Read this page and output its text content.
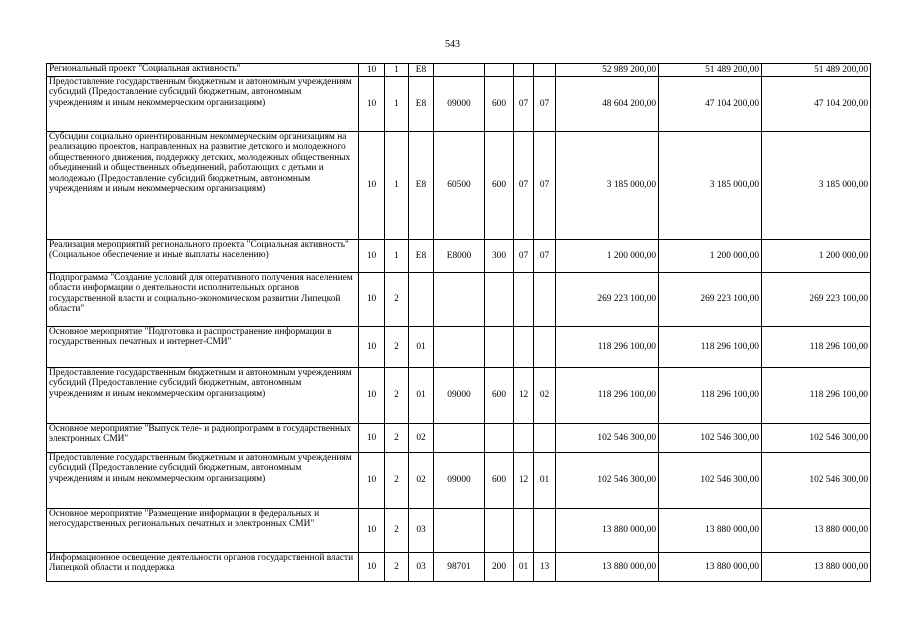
543
Региональный проект "Социальная активность"	10	1	E8					52 989 200,00	51 489 200,00	51 489 200,00
Предоставление государственным бюджетным и автономным учреждениям субсидий (Предоставление субсидий бюджетным, автономным учреждениям и иным некоммерческим организациям)	10	1	E8	09000	600	07	07	48 604 200,00	47 104 200,00	47 104 200,00
Субсидии социально ориентированным некоммерческим организациям на реализацию проектов, направленных на развитие детского и молодежного общественного движения, поддержку детских, молодежных общественных объединений и общественных объединений, работающих с детьми и молодежью (Предоставление субсидий бюджетным, автономным учреждениям и иным некоммерческим организациям)	10	1	E8	60500	600	07	07	3 185 000,00	3 185 000,00	3 185 000,00
Реализация мероприятий регионального проекта "Социальная активность" (Социальное обеспечение и иные выплаты населению)	10	1	E8	E8000	300	07	07	1 200 000,00	1 200 000,00	1 200 000,00
Подпрограмма "Создание условий для оперативного получения населением области информации о деятельности исполнительных органов государственной власти и социально-экономическом развитии Липецкой области"	10	2						269 223 100,00	269 223 100,00	269 223 100,00
Основное мероприятие "Подготовка и распространение информации в государственных печатных и интернет-СМИ"	10	2	01					118 296 100,00	118 296 100,00	118 296 100,00
Предоставление государственным бюджетным и автономным учреждениям субсидий (Предоставление субсидий бюджетным, автономным учреждениям и иным некоммерческим организациям)	10	2	01	09000	600	12	02	118 296 100,00	118 296 100,00	118 296 100,00
Основное мероприятие "Выпуск теле- и радиопрограмм в государственных электронных СМИ"	10	2	02					102 546 300,00	102 546 300,00	102 546 300,00
Предоставление государственным бюджетным и автономным учреждениям субсидий (Предоставление субсидий бюджетным, автономным учреждениям и иным некоммерческим организациям)	10	2	02	09000	600	12	01	102 546 300,00	102 546 300,00	102 546 300,00
Основное мероприятие "Размещение информации в федеральных и негосударственных региональных печатных и электронных СМИ"	10	2	03					13 880 000,00	13 880 000,00	13 880 000,00
Информационное освещение деятельности органов государственной власти Липецкой области и поддержка	10	2	03	98701	200	01	13	13 880 000,00	13 880 000,00	13 880 000,00
